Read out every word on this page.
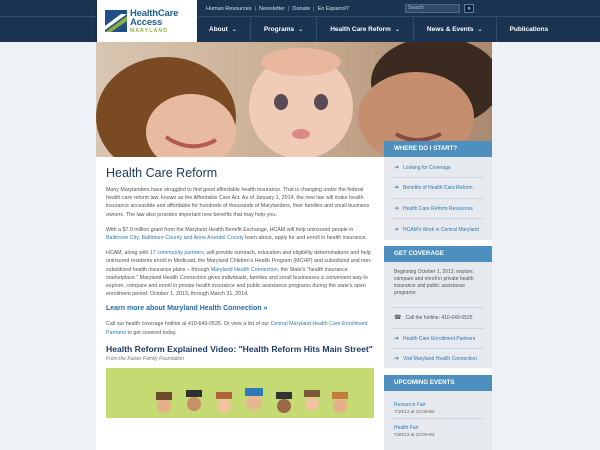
Human Resources | Newsletter | Donate | En Espanol?	Search	»
About ⌄	Programs ⌄	Health Care Reform ⌄	News & Events ⌄	Publications
HealthCare
Access
MARYLAND
Health Care Reform

Many Marylanders have struggled to find good affordable health insurance. That is changing under the federal health care reform law, known as the Affordable Care Act. As of January 1, 2014, the new law will make health insurance accessible and affordable for hundreds of thousands of Marylanders, their families and small business owners. The law also provides important new benefits that may help you.

With a $7.9 million grant from the Maryland Health Benefit Exchange, HCAM will help uninsured people in Baltimore City, Baltimore County and Anne Arundel County learn about, apply for and enroll in health insurance.

HCAM, along with 17 community partners, will provide outreach, education and eligibility determinations and help uninsured residents enroll in Medicaid, the Maryland Children's Health Program (MCHP) and subsidized and non-subsidized health insurance plans – through Maryland Health Connection, the State's "health insurance marketplace." Maryland Health Connection gives individuals, families and small businesses a convenient way to explore, compare and enroll in private health insurance and public assistance programs during the state's open enrollment period: October 1, 2013, through March 31, 2014.

Learn more about Maryland Health Connection »

Call our health coverage hotline at 410-649-0525. Or view a list of our Central Maryland Health Care Enrollment Partners to get covered today.

Health Reform Explained Video: "Health Reform Hits Main Street"

From the Kaiser Family Foundation

WHERE DO I START?
➔ Looking for Coverage
➔ Benefits of Health Care Reform
➔ Health Care Reform Resources
➔ HCAM's Work in Central Maryland
GET COVERAGE
Beginning October 1, 2013, explore, compare and enroll in private health insurance and public assistance programs:
☎ Call the hotline: 410-649-0525
➔ Health Care Enrollment Partners
➔ Visit Maryland Health Connection
UPCOMING EVENTS
Resource Fair
7/10/13 at 10:00AM
Health Fair
7/20/13 at 10:00AM
